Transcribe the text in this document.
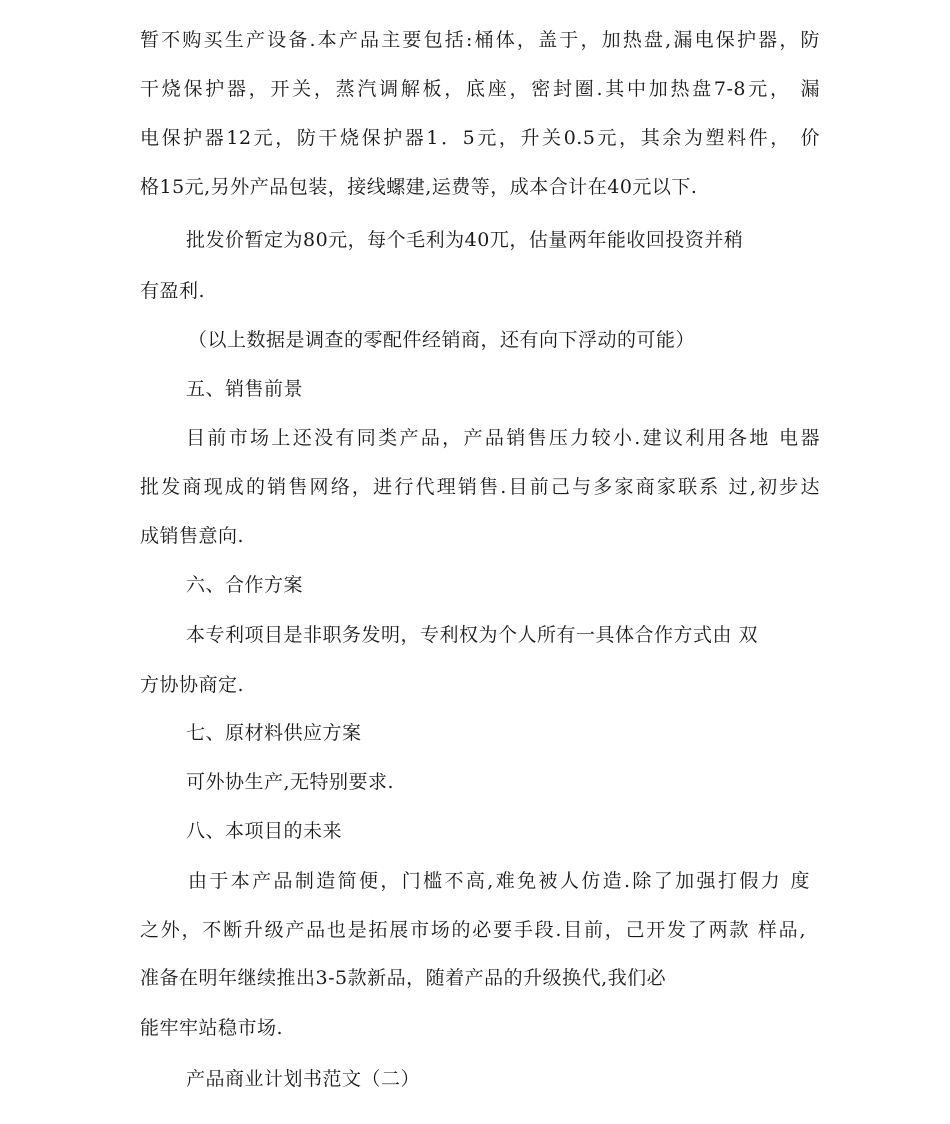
暂不购买生产设备.本产品主要包括:桶体，盖于，加热盘,漏电保护器，防
干烧保护器，开关，蒸汽调解板，底座，密封圈.其中加热盘7-8元， 漏
电保护器12元，防干烧保护器1．5元，升关0.5元，其余为塑料件， 价
格15元,另外产品包装，接线螺建,运费等，成本合计在40元以下.
批发价暂定为80元，每个毛利为40兀，估量两年能收回投资并稍
有盈利.
（以上数据是调查的零配件经销商，还有向下浮动的可能）
五、销售前景
目前市场上还没有同类产品，产品销售压力较小.建议利用各地 电器
批发商现成的销售网络，进行代理销售.目前己与多家商家联系 过,初步达
成销售意向.
六、合作方案
本专利项目是非职务发明，专利权为个人所有一具体合作方式由 双
方协协商定.
七、原材料供应方案
可外协生产,无特别要求.
八、本项目的未来
由于本产品制造简便，门槛不高,难免被人仿造.除了加强打假力 度
之外，不断升级产品也是拓展市场的必要手段.目前，己开发了两款 样品,
准备在明年继续推出3-5款新品，随着产品的升级换代,我们必
能牢牢站稳市场.
产品商业计划书范文（二）
